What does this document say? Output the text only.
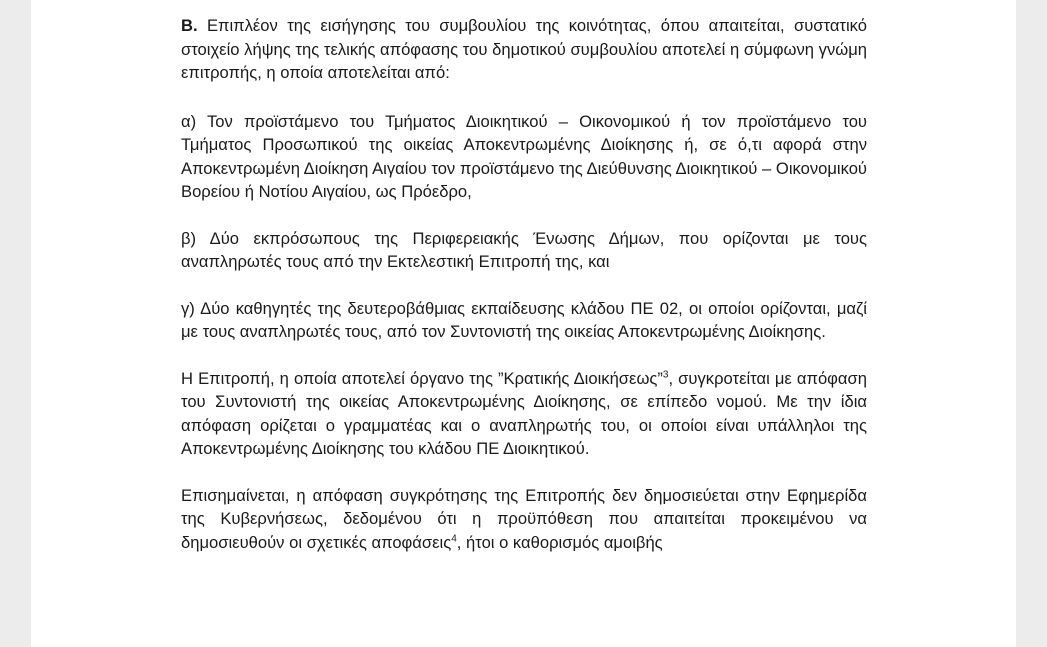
Β. Επιπλέον της εισήγησης του συμβουλίου της κοινότητας, όπου απαιτείται, συστατικό στοιχείο λήψης της τελικής απόφασης του δημοτικού συμβουλίου αποτελεί η σύμφωνη γνώμη επιτροπής, η οποία αποτελείται από:

α) Τον προϊστάμενο του Τμήματος Διοικητικού – Οικονομικού ή τον προϊστάμενο του Τμήματος Προσωπικού της οικείας Αποκεντρωμένης Διοίκησης ή, σε ό,τι αφορά στην Αποκεντρωμένη Διοίκηση Αιγαίου τον προϊστάμενο της Διεύθυνσης Διοικητικού – Οικονομικού Βορείου ή Νοτίου Αιγαίου, ως Πρόεδρο,

β) Δύο εκπρόσωπους της Περιφερειακής Ένωσης Δήμων, που ορίζονται με τους αναπληρωτές τους από την Εκτελεστική Επιτροπή της, και

γ) Δύο καθηγητές της δευτεροβάθμιας εκπαίδευσης κλάδου ΠΕ 02, οι οποίοι ορίζονται, μαζί με τους αναπληρωτές τους, από τον Συντονιστή της οικείας Αποκεντρωμένης Διοίκησης.

Η Επιτροπή, η οποία αποτελεί όργανο της ”Κρατικής Διοικήσεως”$^3$, συγκροτείται με απόφαση του Συντονιστή της οικείας Αποκεντρωμένης Διοίκησης, σε επίπεδο νομού. Με την ίδια απόφαση ορίζεται ο γραμματέας και ο αναπληρωτής του, οι οποίοι είναι υπάλληλοι της Αποκεντρωμένης Διοίκησης του κλάδου ΠΕ Διοικητικού.

Επισημαίνεται, η απόφαση συγκρότησης της Επιτροπής δεν δημοσιεύεται στην Εφημερίδα της Κυβερνήσεως, δεδομένου ότι η προϋπόθεση που απαιτείται προκειμένου να δημοσιευθούν οι σχετικές αποφάσεις$^4$, ήτοι ο καθορισμός αμοιβής
